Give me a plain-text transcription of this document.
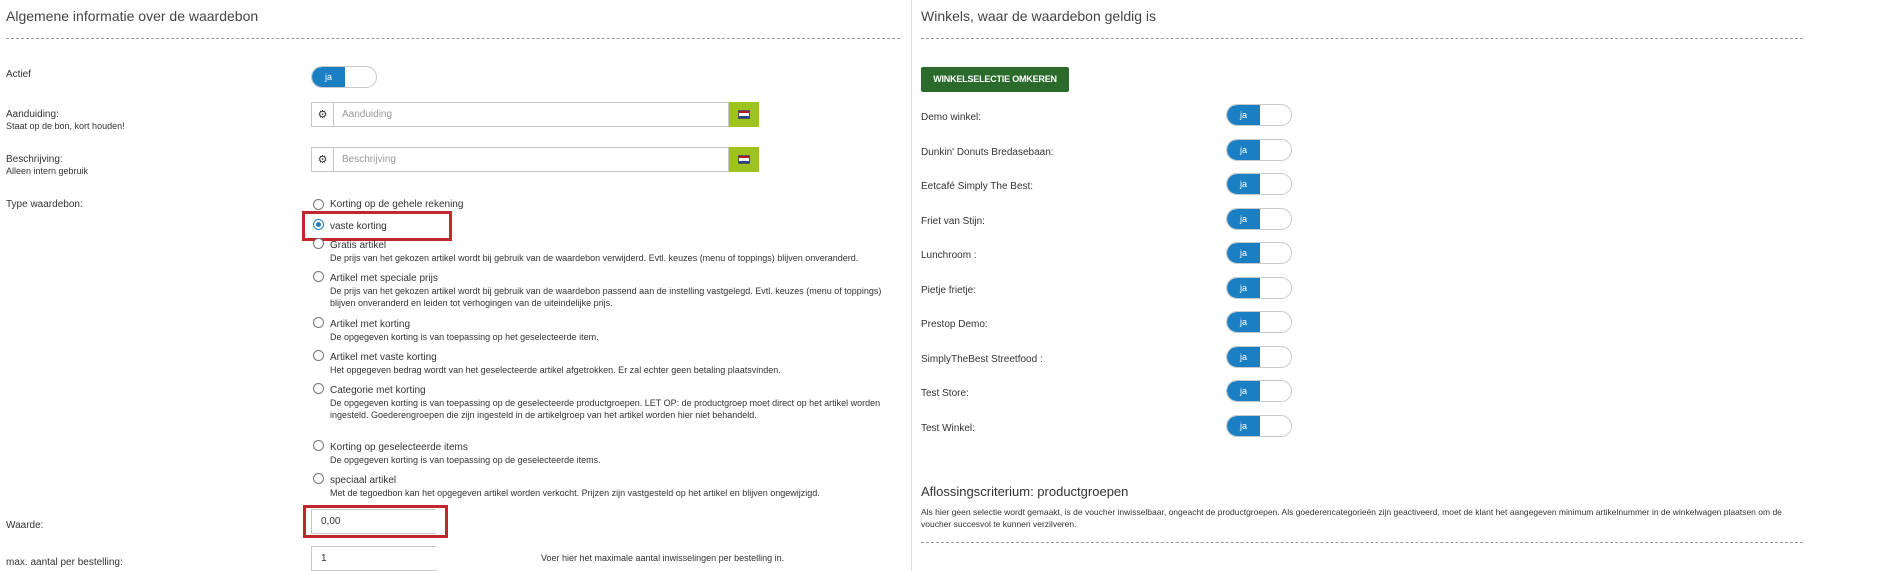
Algemene informatie over de waardebon
Actief	ja
Aanduiding:
Staat op de bon, kort houden!
⚙
Aanduiding
Beschrijving:
Alleen intern gebruik
⚙
Beschrijving
Type waardebon:	Korting op de gehele rekening
vaste korting
Gratis artikel
De prijs van het gekozen artikel wordt bij gebruik van de waardebon verwijderd. Evtl. keuzes (menu of toppings) blijven onveranderd.
Artikel met speciale prijs
De prijs van het gekozen artikel wordt bij gebruik van de waardebon passend aan de instelling vastgelegd. Evtl. keuzes (menu of toppings) blijven onveranderd en leiden tot verhogingen van de uiteindelijke prijs.
Artikel met korting
De opgegeven korting is van toepassing op het geselecteerde item.
Artikel met vaste korting
Het opgegeven bedrag wordt van het geselecteerde artikel afgetrokken. Er zal echter geen betaling plaatsvinden.
Categorie met korting
De opgegeven korting is van toepassing op de geselecteerde productgroepen. LET OP: de productgroep moet direct op het artikel worden ingesteld. Goederengroepen die zijn ingesteld in de artikelgroep van het artikel worden hier niet behandeld.
Korting op geselecteerde items
De opgegeven korting is van toepassing op de geselecteerde items.
speciaal artikel
Met de tegoedbon kan het opgegeven artikel worden verkocht. Prijzen zijn vastgesteld op het artikel en blijven ongewijzigd.
Waarde:
0,00
max. aantal per bestelling:
1	Voer hier het maximale aantal inwisselingen per bestelling in.
Winkels, waar de waardebon geldig is
WINKELSELECTIE OMKEREN
Demo winkel:	ja
Dunkin' Donuts Bredasebaan:	ja
Eetcafé Simply The Best:	ja
Friet van Stijn:	ja
Lunchroom :	ja
Pietje frietje:	ja
Prestop Demo:	ja
SimplyTheBest Streetfood :	ja
Test Store:	ja
Test Winkel:	ja
Aflossingscriterium: productgroepen
Als hier geen selectie wordt gemaakt, is de voucher inwisselbaar, ongeacht de productgroepen. Als goederencategorieën zijn geactiveerd, moet de klant het aangegeven minimum artikelnummer in de winkelwagen plaatsen om de voucher succesvol te kunnen verzilveren.
